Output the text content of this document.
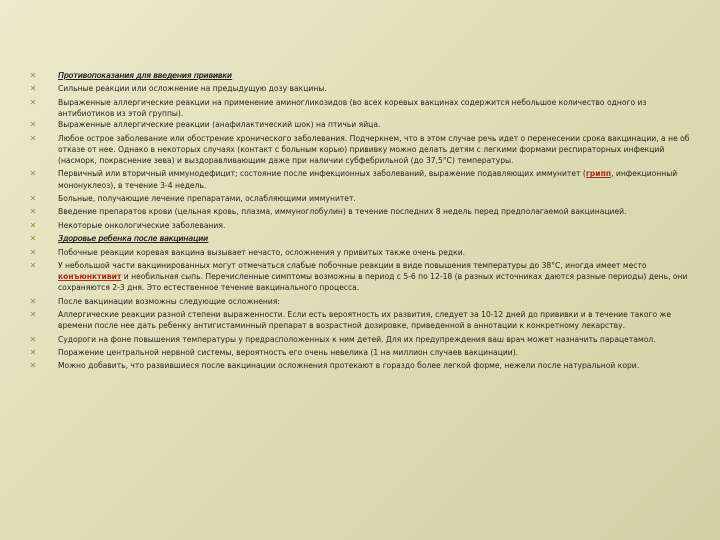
✕	Противопоказания для введения прививки
✕	Сильные реакции или осложнение на предыдущую дозу вакцины.
✕	Выраженные аллергические реакции на применение аминогликозидов (во всех коревых вакцинах содержится небольшое количество одного из антибиотиков из этой группы).
✕	Выраженные аллергические реакции (анафилактический шок) на птичьи яйца.
✕	Любое острое заболевание или обострение хронического заболевания. Подчеркнем, что в этом случае речь идет о перенесении срока вакцинации, а не об отказе от нее. Однако в некоторых случаях (контакт с больным корью) прививку можно делать детям с легкими формами респираторных инфекций (насморк, покраснение зева) и выздоравливающим даже при наличии субфебрильной (до 37,5°С) температуры.
✕	Первичный или вторичный иммунодефицит; состояние после инфекционных заболеваний, выражение подавляющих иммунитет (грипп, инфекционный мононуклеоз), в течение 3-4 недель.
✕	Больные, получающие лечение препаратами, ослабляющими иммунитет.
✕	Введение препаратов крови (цельная кровь, плазма, иммуноглобулин) в течение последних 8 недель перед предполагаемой вакцинацией.
✕	Некоторые онкологические заболевания.
✕	Здоровье ребенка после вакцинации
✕	Побочные реакции коревая вакцина вызывает нечасто, осложнения у привитых также очень редки.
✕	У небольшой части вакцинированных могут отмечаться слабые побочные реакции в виде повышения температуры до 38°С, иногда имеет место конъюнктивит и необильная сыпь. Перечисленные симптомы возможны в период с 5-6 по 12-18 (в разных источниках даются разные периоды) день, они сохраняются 2-3 дня. Это естественное течение вакцинального процесса.
✕	После вакцинации возможны следующие осложнения:
✕	Аллергические реакции разной степени выраженности. Если есть вероятность их развития, следует за 10-12 дней до прививки и в течение такого же времени после нее дать ребенку антигистаминный препарат в возрастной дозировке, приведенной в аннотации к конкретному лекарству.
✕	Судороги на фоне повышения температуры у предрасположенных к ним детей. Для их предупреждения ваш врач может назначить парацетамол.
✕	Поражение центральной нервной системы, вероятность его очень невелика (1 на миллион случаев вакцинации).
✕	Можно добавить, что развившиеся после вакцинации осложнения протекают в гораздо более легкой форме, нежели после натуральной кори.
